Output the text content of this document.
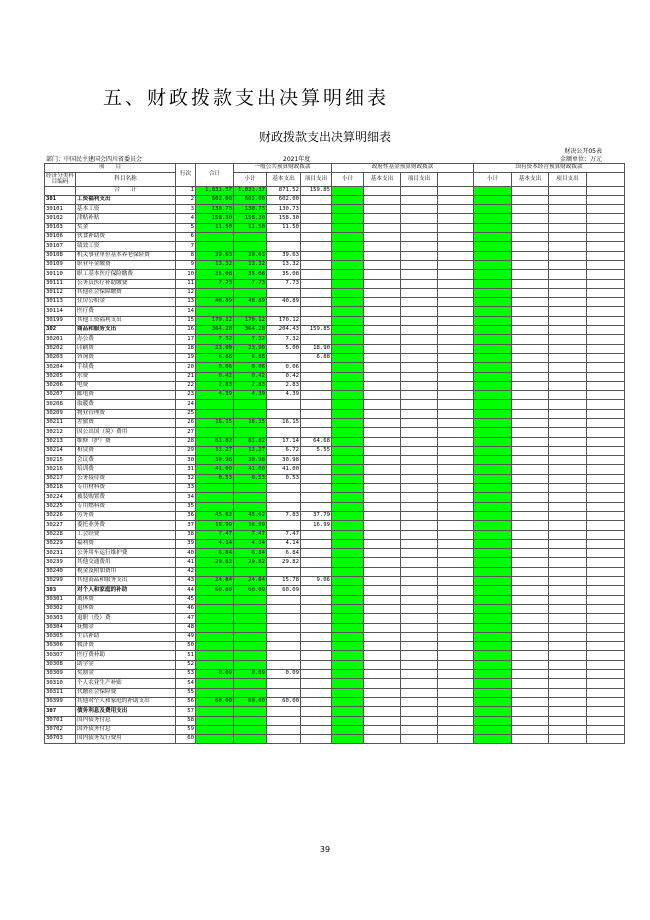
五、财政拨款支出决算明细表
财政拨款支出决算明细表
财决公开05表
部门：中国民主建国会四川省委员会	2021年度	金额单位：万元
项　　目		行次	合计	一般公共预算财政拨款			政府性基金预算财政拨款				国有资本经营预算财政拨款			
经济分类科目编码	科目名称													
				小计	基本支出	项目支出	小计	基本支出	项目支出		小计	基本支出	项目支出	
	合　　计	1	1,031.37	1,031.37	871.52	159.85								
301	工资福利支出	2	602.00	602.00	602.00									
30101	基本工资	3	130.73	130.73	130.73									
30102	津贴补贴	4	158.30	158.30	158.30									
30103	奖金	5	11.50	11.50	11.50									
30106	伙食补助费	6												
30107	绩效工资	7												
30108	机关事业单位基本养老保险费	8	39.63	39.63	39.63									
30109	职业年金缴费	9	13.32	13.32	13.32									
30110	职工基本医疗保险缴费	10	35.08	35.08	35.08									
30111	公务员医疗补助缴费	11	7.73	7.73	7.73									
30112	其他社会保障缴费	12												
30113	住房公积金	13	40.89	40.89	40.89									
30114	医疗费	14												
30199	其他工资福利支出	15	170.12	170.12	170.12									
302	商品和服务支出	16	364.28	364.28	204.43	159.85								
30201	办公费	17	7.32	7.32	7.32									
30202	印刷费	18	23.90	23.90	5.00	18.90								
30203	咨询费	19	6.88	6.88		6.88								
30204	手续费	20	0.06	0.06	0.06									
30205	水费	21	0.42	0.42	0.42									
30206	电费	22	2.83	2.83	2.83									
30207	邮电费	23	4.39	4.39	4.39									
30208	取暖费	24												
30209	物业管理费	25												
30211	差旅费	26	16.15	16.15	16.15									
30212	因公出国（境）费用	27												
30213	维修（护）费	28	81.82	81.82	17.14	64.68								
30214	租赁费	29	12.27	12.27	6.72	5.55								
30215	会议费	30	30.98	30.98	30.98									
30216	培训费	31	41.00	41.00	41.00									
30217	公务接待费	32	0.53	0.53	0.53									
30218	专用材料费	33												
30224	被装购置费	34												
30225	专用燃料费	35												
30226	劳务费	36	45.62	45.62	7.83	37.79								
30227	委托业务费	37	16.99	16.99		16.99								
30228	工会经费	38	7.47	7.47	7.47									
30229	福利费	39	4.14	4.14	4.14									
30231	公务用车运行维护费	40	6.84	6.84	6.84									
30239	其他交通费用	41	29.82	29.82	29.82									
30240	税金及附加费用	42												
30299	其他商品和服务支出	43	24.84	24.84	15.78	9.06								
303	对个人和家庭的补助	44	60.09	60.09	60.09									
30301	离休费	45												
30302	退休费	46												
30303	退职（役）费	47												
30304	抚恤金	48												
30305	生活补助	49												
30306	救济费	50												
30307	医疗费补助	51												
30308	助学金	52												
30309	奖励金	53	0.09	0.09	0.09									
30310	个人农业生产补贴	54												
30311	代缴社会保险费	55												
30399	其他对个人和家庭的补助支出	56	60.00	60.00	60.00									
307	债务利息及费用支出	57												
30701	国内债务付息	58												
30702	国外债务付息	59												
30703	国内债务发行费用	60												
39
